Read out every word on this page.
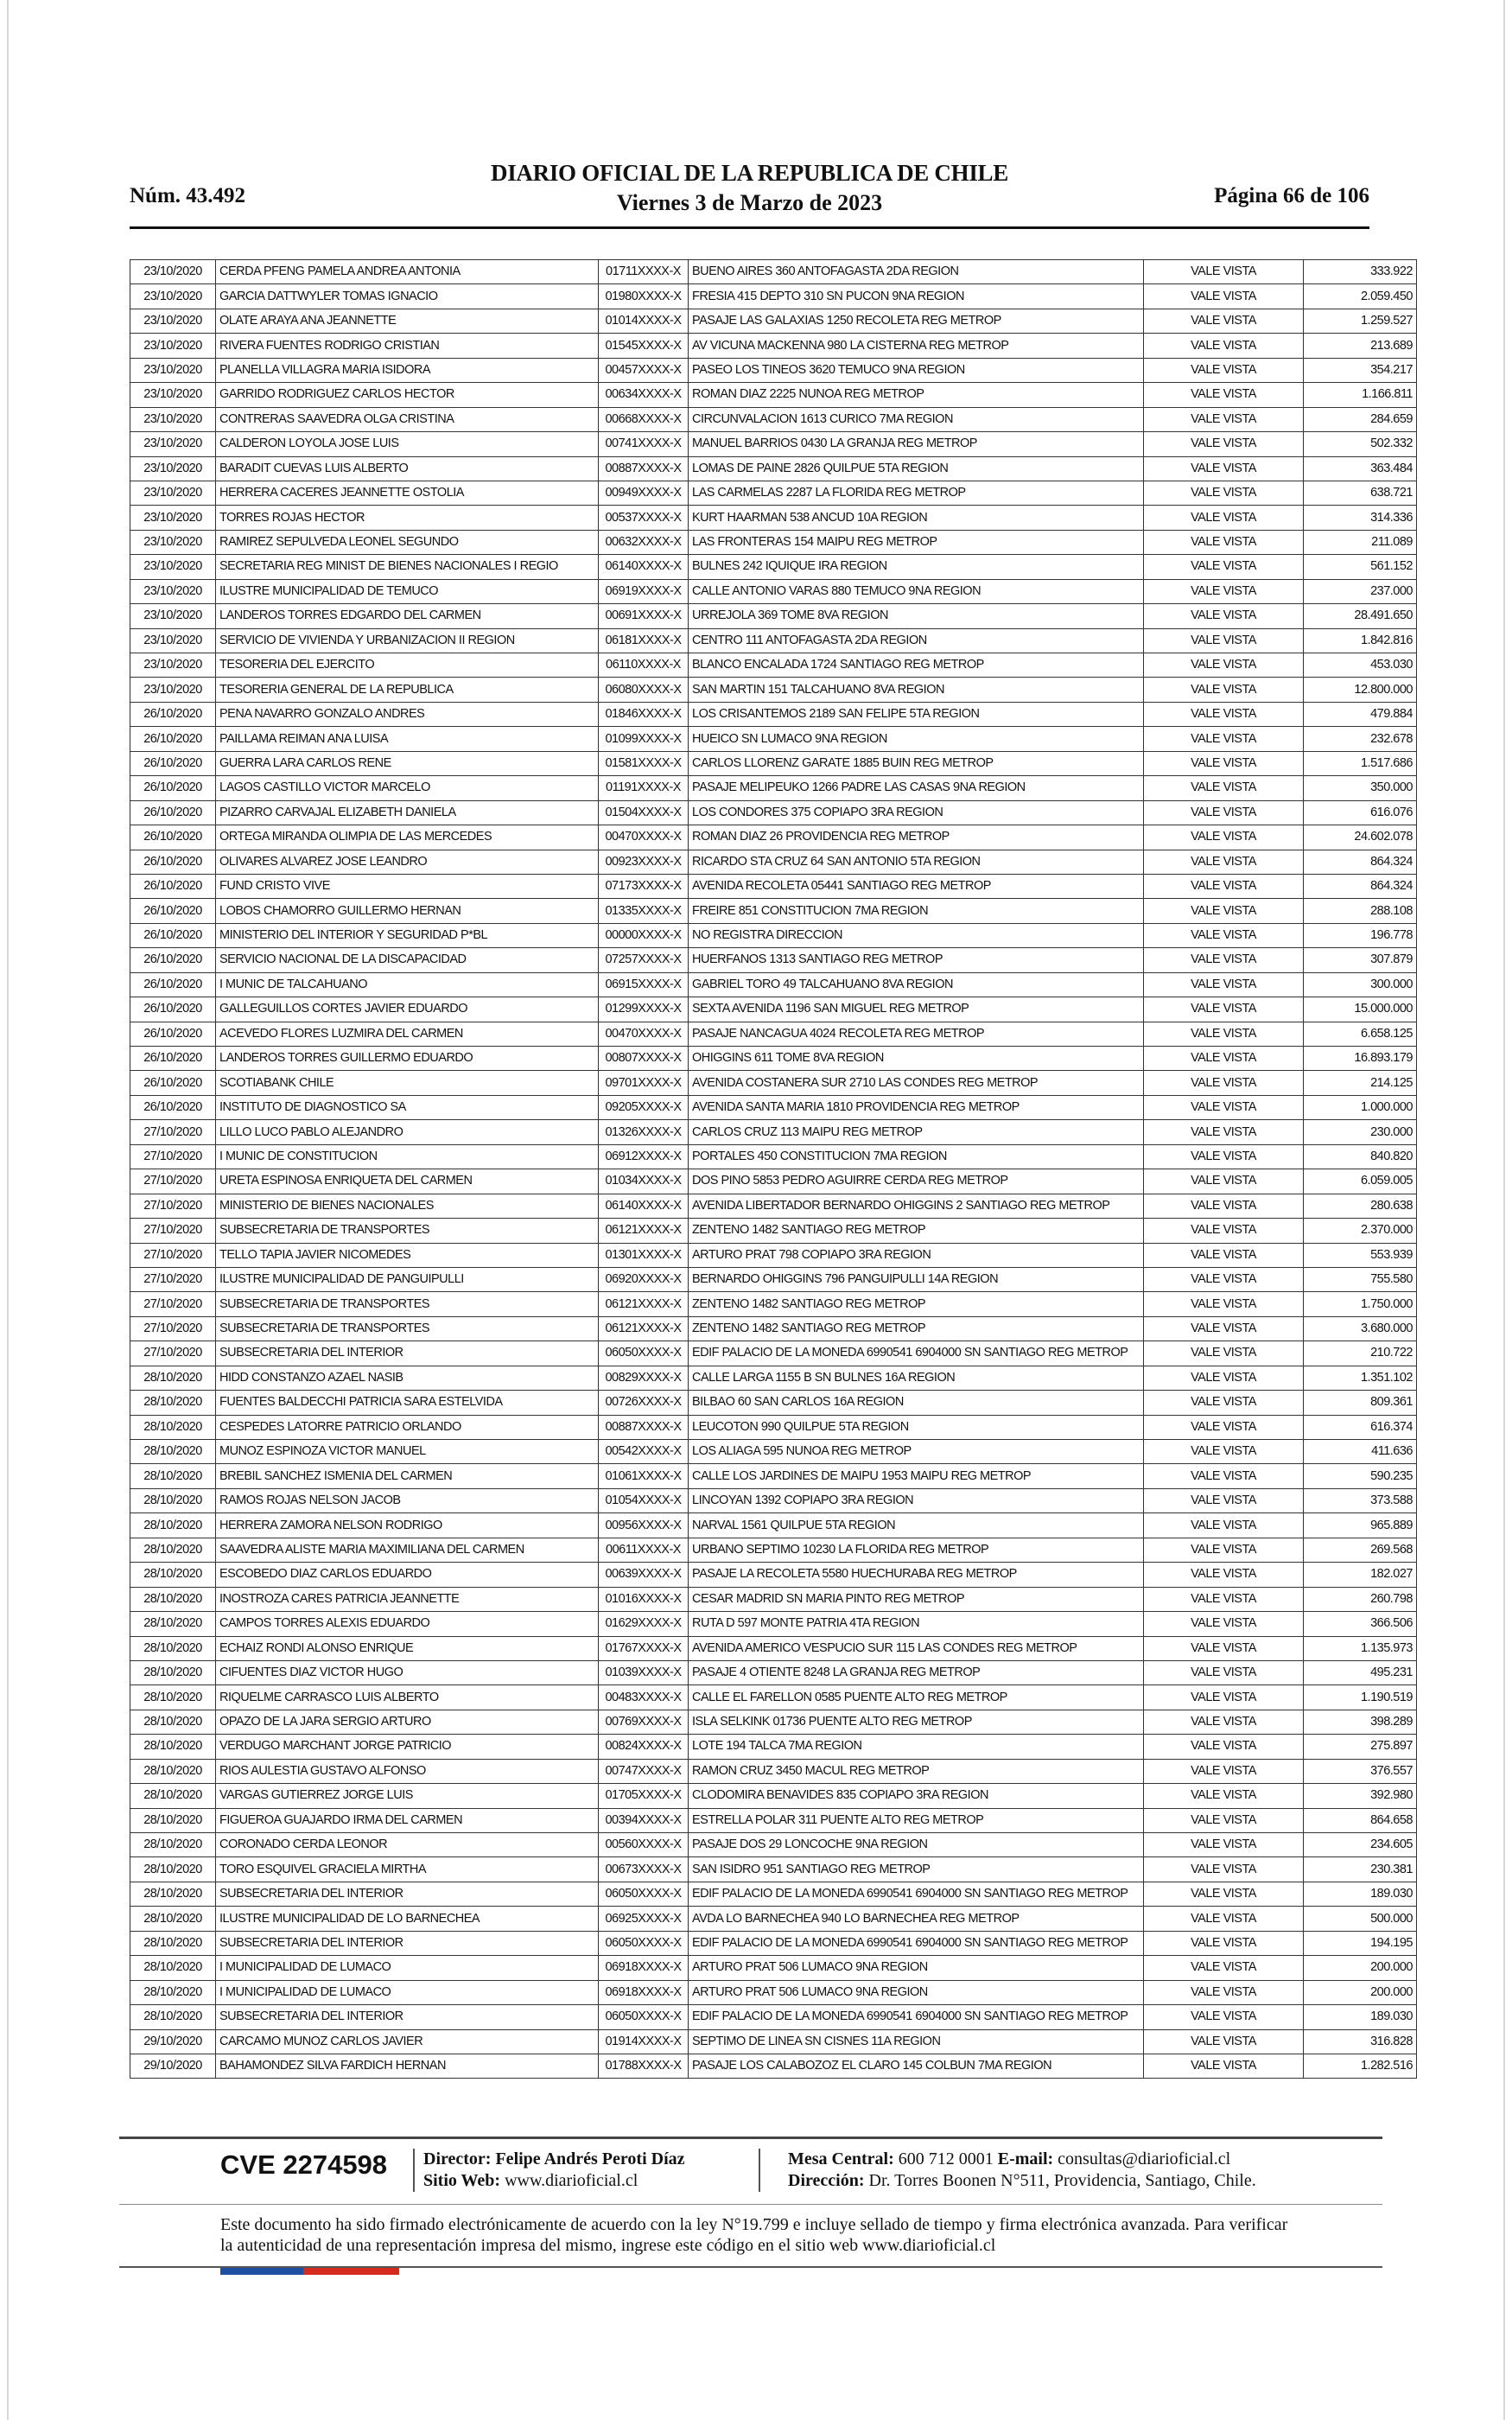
Núm. 43.492
DIARIO OFICIAL DE LA REPUBLICA DE CHILE
Viernes 3 de Marzo de 2023	Página 66 de 106
23/10/2020	CERDA PFENG PAMELA ANDREA ANTONIA	01711XXXX-X	BUENO AIRES 360 ANTOFAGASTA 2DA REGION	VALE VISTA	333.922
23/10/2020	GARCIA DATTWYLER TOMAS IGNACIO	01980XXXX-X	FRESIA 415 DEPTO 310 SN PUCON 9NA REGION	VALE VISTA	2.059.450
23/10/2020	OLATE ARAYA ANA JEANNETTE	01014XXXX-X	PASAJE LAS GALAXIAS 1250 RECOLETA REG METROP	VALE VISTA	1.259.527
23/10/2020	RIVERA FUENTES RODRIGO CRISTIAN	01545XXXX-X	AV VICUNA MACKENNA 980 LA CISTERNA REG METROP	VALE VISTA	213.689
23/10/2020	PLANELLA VILLAGRA MARIA ISIDORA	00457XXXX-X	PASEO LOS TINEOS 3620 TEMUCO 9NA REGION	VALE VISTA	354.217
23/10/2020	GARRIDO RODRIGUEZ CARLOS HECTOR	00634XXXX-X	ROMAN DIAZ 2225 NUNOA REG METROP	VALE VISTA	1.166.811
23/10/2020	CONTRERAS SAAVEDRA OLGA CRISTINA	00668XXXX-X	CIRCUNVALACION 1613 CURICO 7MA REGION	VALE VISTA	284.659
23/10/2020	CALDERON LOYOLA JOSE LUIS	00741XXXX-X	MANUEL BARRIOS 0430 LA GRANJA REG METROP	VALE VISTA	502.332
23/10/2020	BARADIT CUEVAS LUIS ALBERTO	00887XXXX-X	LOMAS DE PAINE 2826 QUILPUE 5TA REGION	VALE VISTA	363.484
23/10/2020	HERRERA CACERES JEANNETTE OSTOLIA	00949XXXX-X	LAS CARMELAS 2287 LA FLORIDA REG METROP	VALE VISTA	638.721
23/10/2020	TORRES ROJAS HECTOR	00537XXXX-X	KURT HAARMAN 538 ANCUD 10A REGION	VALE VISTA	314.336
23/10/2020	RAMIREZ SEPULVEDA LEONEL SEGUNDO	00632XXXX-X	LAS FRONTERAS 154 MAIPU REG METROP	VALE VISTA	211.089
23/10/2020	SECRETARIA REG MINIST DE BIENES NACIONALES I REGIO	06140XXXX-X	BULNES 242 IQUIQUE IRA REGION	VALE VISTA	561.152
23/10/2020	ILUSTRE MUNICIPALIDAD DE TEMUCO	06919XXXX-X	CALLE ANTONIO VARAS 880 TEMUCO 9NA REGION	VALE VISTA	237.000
23/10/2020	LANDEROS TORRES EDGARDO DEL CARMEN	00691XXXX-X	URREJOLA 369 TOME 8VA REGION	VALE VISTA	28.491.650
23/10/2020	SERVICIO DE VIVIENDA Y URBANIZACION II REGION	06181XXXX-X	CENTRO 111 ANTOFAGASTA 2DA REGION	VALE VISTA	1.842.816
23/10/2020	TESORERIA DEL EJERCITO	06110XXXX-X	BLANCO ENCALADA 1724 SANTIAGO REG METROP	VALE VISTA	453.030
23/10/2020	TESORERIA GENERAL DE LA REPUBLICA	06080XXXX-X	SAN MARTIN 151 TALCAHUANO 8VA REGION	VALE VISTA	12.800.000
26/10/2020	PENA NAVARRO GONZALO ANDRES	01846XXXX-X	LOS CRISANTEMOS 2189 SAN FELIPE 5TA REGION	VALE VISTA	479.884
26/10/2020	PAILLAMA REIMAN ANA LUISA	01099XXXX-X	HUEICO SN LUMACO 9NA REGION	VALE VISTA	232.678
26/10/2020	GUERRA LARA CARLOS RENE	01581XXXX-X	CARLOS LLORENZ GARATE 1885 BUIN REG METROP	VALE VISTA	1.517.686
26/10/2020	LAGOS CASTILLO VICTOR MARCELO	01191XXXX-X	PASAJE MELIPEUKO 1266 PADRE LAS CASAS 9NA REGION	VALE VISTA	350.000
26/10/2020	PIZARRO CARVAJAL ELIZABETH DANIELA	01504XXXX-X	LOS CONDORES 375 COPIAPO 3RA REGION	VALE VISTA	616.076
26/10/2020	ORTEGA MIRANDA OLIMPIA DE LAS MERCEDES	00470XXXX-X	ROMAN DIAZ 26 PROVIDENCIA REG METROP	VALE VISTA	24.602.078
26/10/2020	OLIVARES ALVAREZ JOSE LEANDRO	00923XXXX-X	RICARDO STA CRUZ 64 SAN ANTONIO 5TA REGION	VALE VISTA	864.324
26/10/2020	FUND CRISTO VIVE	07173XXXX-X	AVENIDA RECOLETA 05441 SANTIAGO REG METROP	VALE VISTA	864.324
26/10/2020	LOBOS CHAMORRO GUILLERMO HERNAN	01335XXXX-X	FREIRE 851 CONSTITUCION 7MA REGION	VALE VISTA	288.108
26/10/2020	MINISTERIO DEL INTERIOR Y SEGURIDAD P*BL	00000XXXX-X	NO REGISTRA DIRECCION	VALE VISTA	196.778
26/10/2020	SERVICIO NACIONAL DE LA DISCAPACIDAD	07257XXXX-X	HUERFANOS 1313 SANTIAGO REG METROP	VALE VISTA	307.879
26/10/2020	I MUNIC DE TALCAHUANO	06915XXXX-X	GABRIEL TORO 49 TALCAHUANO 8VA REGION	VALE VISTA	300.000
26/10/2020	GALLEGUILLOS CORTES JAVIER EDUARDO	01299XXXX-X	SEXTA AVENIDA 1196 SAN MIGUEL REG METROP	VALE VISTA	15.000.000
26/10/2020	ACEVEDO FLORES LUZMIRA DEL CARMEN	00470XXXX-X	PASAJE NANCAGUA 4024 RECOLETA REG METROP	VALE VISTA	6.658.125
26/10/2020	LANDEROS TORRES GUILLERMO EDUARDO	00807XXXX-X	OHIGGINS 611 TOME 8VA REGION	VALE VISTA	16.893.179
26/10/2020	SCOTIABANK CHILE	09701XXXX-X	AVENIDA COSTANERA SUR 2710 LAS CONDES REG METROP	VALE VISTA	214.125
26/10/2020	INSTITUTO DE DIAGNOSTICO SA	09205XXXX-X	AVENIDA SANTA MARIA 1810 PROVIDENCIA REG METROP	VALE VISTA	1.000.000
27/10/2020	LILLO LUCO PABLO ALEJANDRO	01326XXXX-X	CARLOS CRUZ 113 MAIPU REG METROP	VALE VISTA	230.000
27/10/2020	I MUNIC DE CONSTITUCION	06912XXXX-X	PORTALES 450 CONSTITUCION 7MA REGION	VALE VISTA	840.820
27/10/2020	URETA ESPINOSA ENRIQUETA DEL CARMEN	01034XXXX-X	DOS PINO 5853 PEDRO AGUIRRE CERDA REG METROP	VALE VISTA	6.059.005
27/10/2020	MINISTERIO DE BIENES NACIONALES	06140XXXX-X	AVENIDA LIBERTADOR BERNARDO OHIGGINS 2 SANTIAGO REG METROP	VALE VISTA	280.638
27/10/2020	SUBSECRETARIA DE TRANSPORTES	06121XXXX-X	ZENTENO 1482 SANTIAGO REG METROP	VALE VISTA	2.370.000
27/10/2020	TELLO TAPIA JAVIER NICOMEDES	01301XXXX-X	ARTURO PRAT 798 COPIAPO 3RA REGION	VALE VISTA	553.939
27/10/2020	ILUSTRE MUNICIPALIDAD DE PANGUIPULLI	06920XXXX-X	BERNARDO OHIGGINS 796 PANGUIPULLI 14A REGION	VALE VISTA	755.580
27/10/2020	SUBSECRETARIA DE TRANSPORTES	06121XXXX-X	ZENTENO 1482 SANTIAGO REG METROP	VALE VISTA	1.750.000
27/10/2020	SUBSECRETARIA DE TRANSPORTES	06121XXXX-X	ZENTENO 1482 SANTIAGO REG METROP	VALE VISTA	3.680.000
27/10/2020	SUBSECRETARIA DEL INTERIOR	06050XXXX-X	EDIF PALACIO DE LA MONEDA 6990541 6904000 SN SANTIAGO REG METROP	VALE VISTA	210.722
28/10/2020	HIDD CONSTANZO AZAEL NASIB	00829XXXX-X	CALLE LARGA 1155 B SN BULNES 16A REGION	VALE VISTA	1.351.102
28/10/2020	FUENTES BALDECCHI PATRICIA SARA ESTELVIDA	00726XXXX-X	BILBAO 60 SAN CARLOS 16A REGION	VALE VISTA	809.361
28/10/2020	CESPEDES LATORRE PATRICIO ORLANDO	00887XXXX-X	LEUCOTON 990 QUILPUE 5TA REGION	VALE VISTA	616.374
28/10/2020	MUNOZ ESPINOZA VICTOR MANUEL	00542XXXX-X	LOS ALIAGA 595 NUNOA REG METROP	VALE VISTA	411.636
28/10/2020	BREBIL SANCHEZ ISMENIA DEL CARMEN	01061XXXX-X	CALLE LOS JARDINES DE MAIPU 1953 MAIPU REG METROP	VALE VISTA	590.235
28/10/2020	RAMOS ROJAS NELSON JACOB	01054XXXX-X	LINCOYAN 1392 COPIAPO 3RA REGION	VALE VISTA	373.588
28/10/2020	HERRERA ZAMORA NELSON RODRIGO	00956XXXX-X	NARVAL 1561 QUILPUE 5TA REGION	VALE VISTA	965.889
28/10/2020	SAAVEDRA ALISTE MARIA MAXIMILIANA DEL CARMEN	00611XXXX-X	URBANO SEPTIMO 10230 LA FLORIDA REG METROP	VALE VISTA	269.568
28/10/2020	ESCOBEDO DIAZ CARLOS EDUARDO	00639XXXX-X	PASAJE LA RECOLETA 5580 HUECHURABA REG METROP	VALE VISTA	182.027
28/10/2020	INOSTROZA CARES PATRICIA JEANNETTE	01016XXXX-X	CESAR MADRID SN MARIA PINTO REG METROP	VALE VISTA	260.798
28/10/2020	CAMPOS TORRES ALEXIS EDUARDO	01629XXXX-X	RUTA D 597 MONTE PATRIA 4TA REGION	VALE VISTA	366.506
28/10/2020	ECHAIZ RONDI ALONSO ENRIQUE	01767XXXX-X	AVENIDA AMERICO VESPUCIO SUR 115 LAS CONDES REG METROP	VALE VISTA	1.135.973
28/10/2020	CIFUENTES DIAZ VICTOR HUGO	01039XXXX-X	PASAJE 4 OTIENTE 8248 LA GRANJA REG METROP	VALE VISTA	495.231
28/10/2020	RIQUELME CARRASCO LUIS ALBERTO	00483XXXX-X	CALLE EL FARELLON 0585 PUENTE ALTO REG METROP	VALE VISTA	1.190.519
28/10/2020	OPAZO DE LA JARA SERGIO ARTURO	00769XXXX-X	ISLA SELKINK 01736 PUENTE ALTO REG METROP	VALE VISTA	398.289
28/10/2020	VERDUGO MARCHANT JORGE PATRICIO	00824XXXX-X	LOTE 194 TALCA 7MA REGION	VALE VISTA	275.897
28/10/2020	RIOS AULESTIA GUSTAVO ALFONSO	00747XXXX-X	RAMON CRUZ 3450 MACUL REG METROP	VALE VISTA	376.557
28/10/2020	VARGAS GUTIERREZ JORGE LUIS	01705XXXX-X	CLODOMIRA BENAVIDES 835 COPIAPO 3RA REGION	VALE VISTA	392.980
28/10/2020	FIGUEROA GUAJARDO IRMA DEL CARMEN	00394XXXX-X	ESTRELLA POLAR 311 PUENTE ALTO REG METROP	VALE VISTA	864.658
28/10/2020	CORONADO CERDA LEONOR	00560XXXX-X	PASAJE DOS 29 LONCOCHE 9NA REGION	VALE VISTA	234.605
28/10/2020	TORO ESQUIVEL GRACIELA MIRTHA	00673XXXX-X	SAN ISIDRO 951 SANTIAGO REG METROP	VALE VISTA	230.381
28/10/2020	SUBSECRETARIA DEL INTERIOR	06050XXXX-X	EDIF PALACIO DE LA MONEDA 6990541 6904000 SN SANTIAGO REG METROP	VALE VISTA	189.030
28/10/2020	ILUSTRE MUNICIPALIDAD DE LO BARNECHEA	06925XXXX-X	AVDA LO BARNECHEA 940 LO BARNECHEA REG METROP	VALE VISTA	500.000
28/10/2020	SUBSECRETARIA DEL INTERIOR	06050XXXX-X	EDIF PALACIO DE LA MONEDA 6990541 6904000 SN SANTIAGO REG METROP	VALE VISTA	194.195
28/10/2020	I MUNICIPALIDAD DE LUMACO	06918XXXX-X	ARTURO PRAT 506 LUMACO 9NA REGION	VALE VISTA	200.000
28/10/2020	I MUNICIPALIDAD DE LUMACO	06918XXXX-X	ARTURO PRAT 506 LUMACO 9NA REGION	VALE VISTA	200.000
28/10/2020	SUBSECRETARIA DEL INTERIOR	06050XXXX-X	EDIF PALACIO DE LA MONEDA 6990541 6904000 SN SANTIAGO REG METROP	VALE VISTA	189.030
29/10/2020	CARCAMO MUNOZ CARLOS JAVIER	01914XXXX-X	SEPTIMO DE LINEA SN CISNES 11A REGION	VALE VISTA	316.828
29/10/2020	BAHAMONDEZ SILVA FARDICH HERNAN	01788XXXX-X	PASAJE LOS CALABOZOZ EL CLARO 145 COLBUN 7MA REGION	VALE VISTA	1.282.516
CVE 2274598 Director: Felipe Andrés Peroti Díaz
Sitio Web: www.diarioficial.cl
Mesa Central: 600 712 0001 E-mail: consultas@diarioficial.cl
Dirección: Dr. Torres Boonen N°511, Providencia, Santiago, Chile.
Este documento ha sido firmado electrónicamente de acuerdo con la ley N°19.799 e incluye sellado de tiempo y firma electrónica avanzada. Para verificar la autenticidad de una representación impresa del mismo, ingrese este código en el sitio web www.diarioficial.cl
